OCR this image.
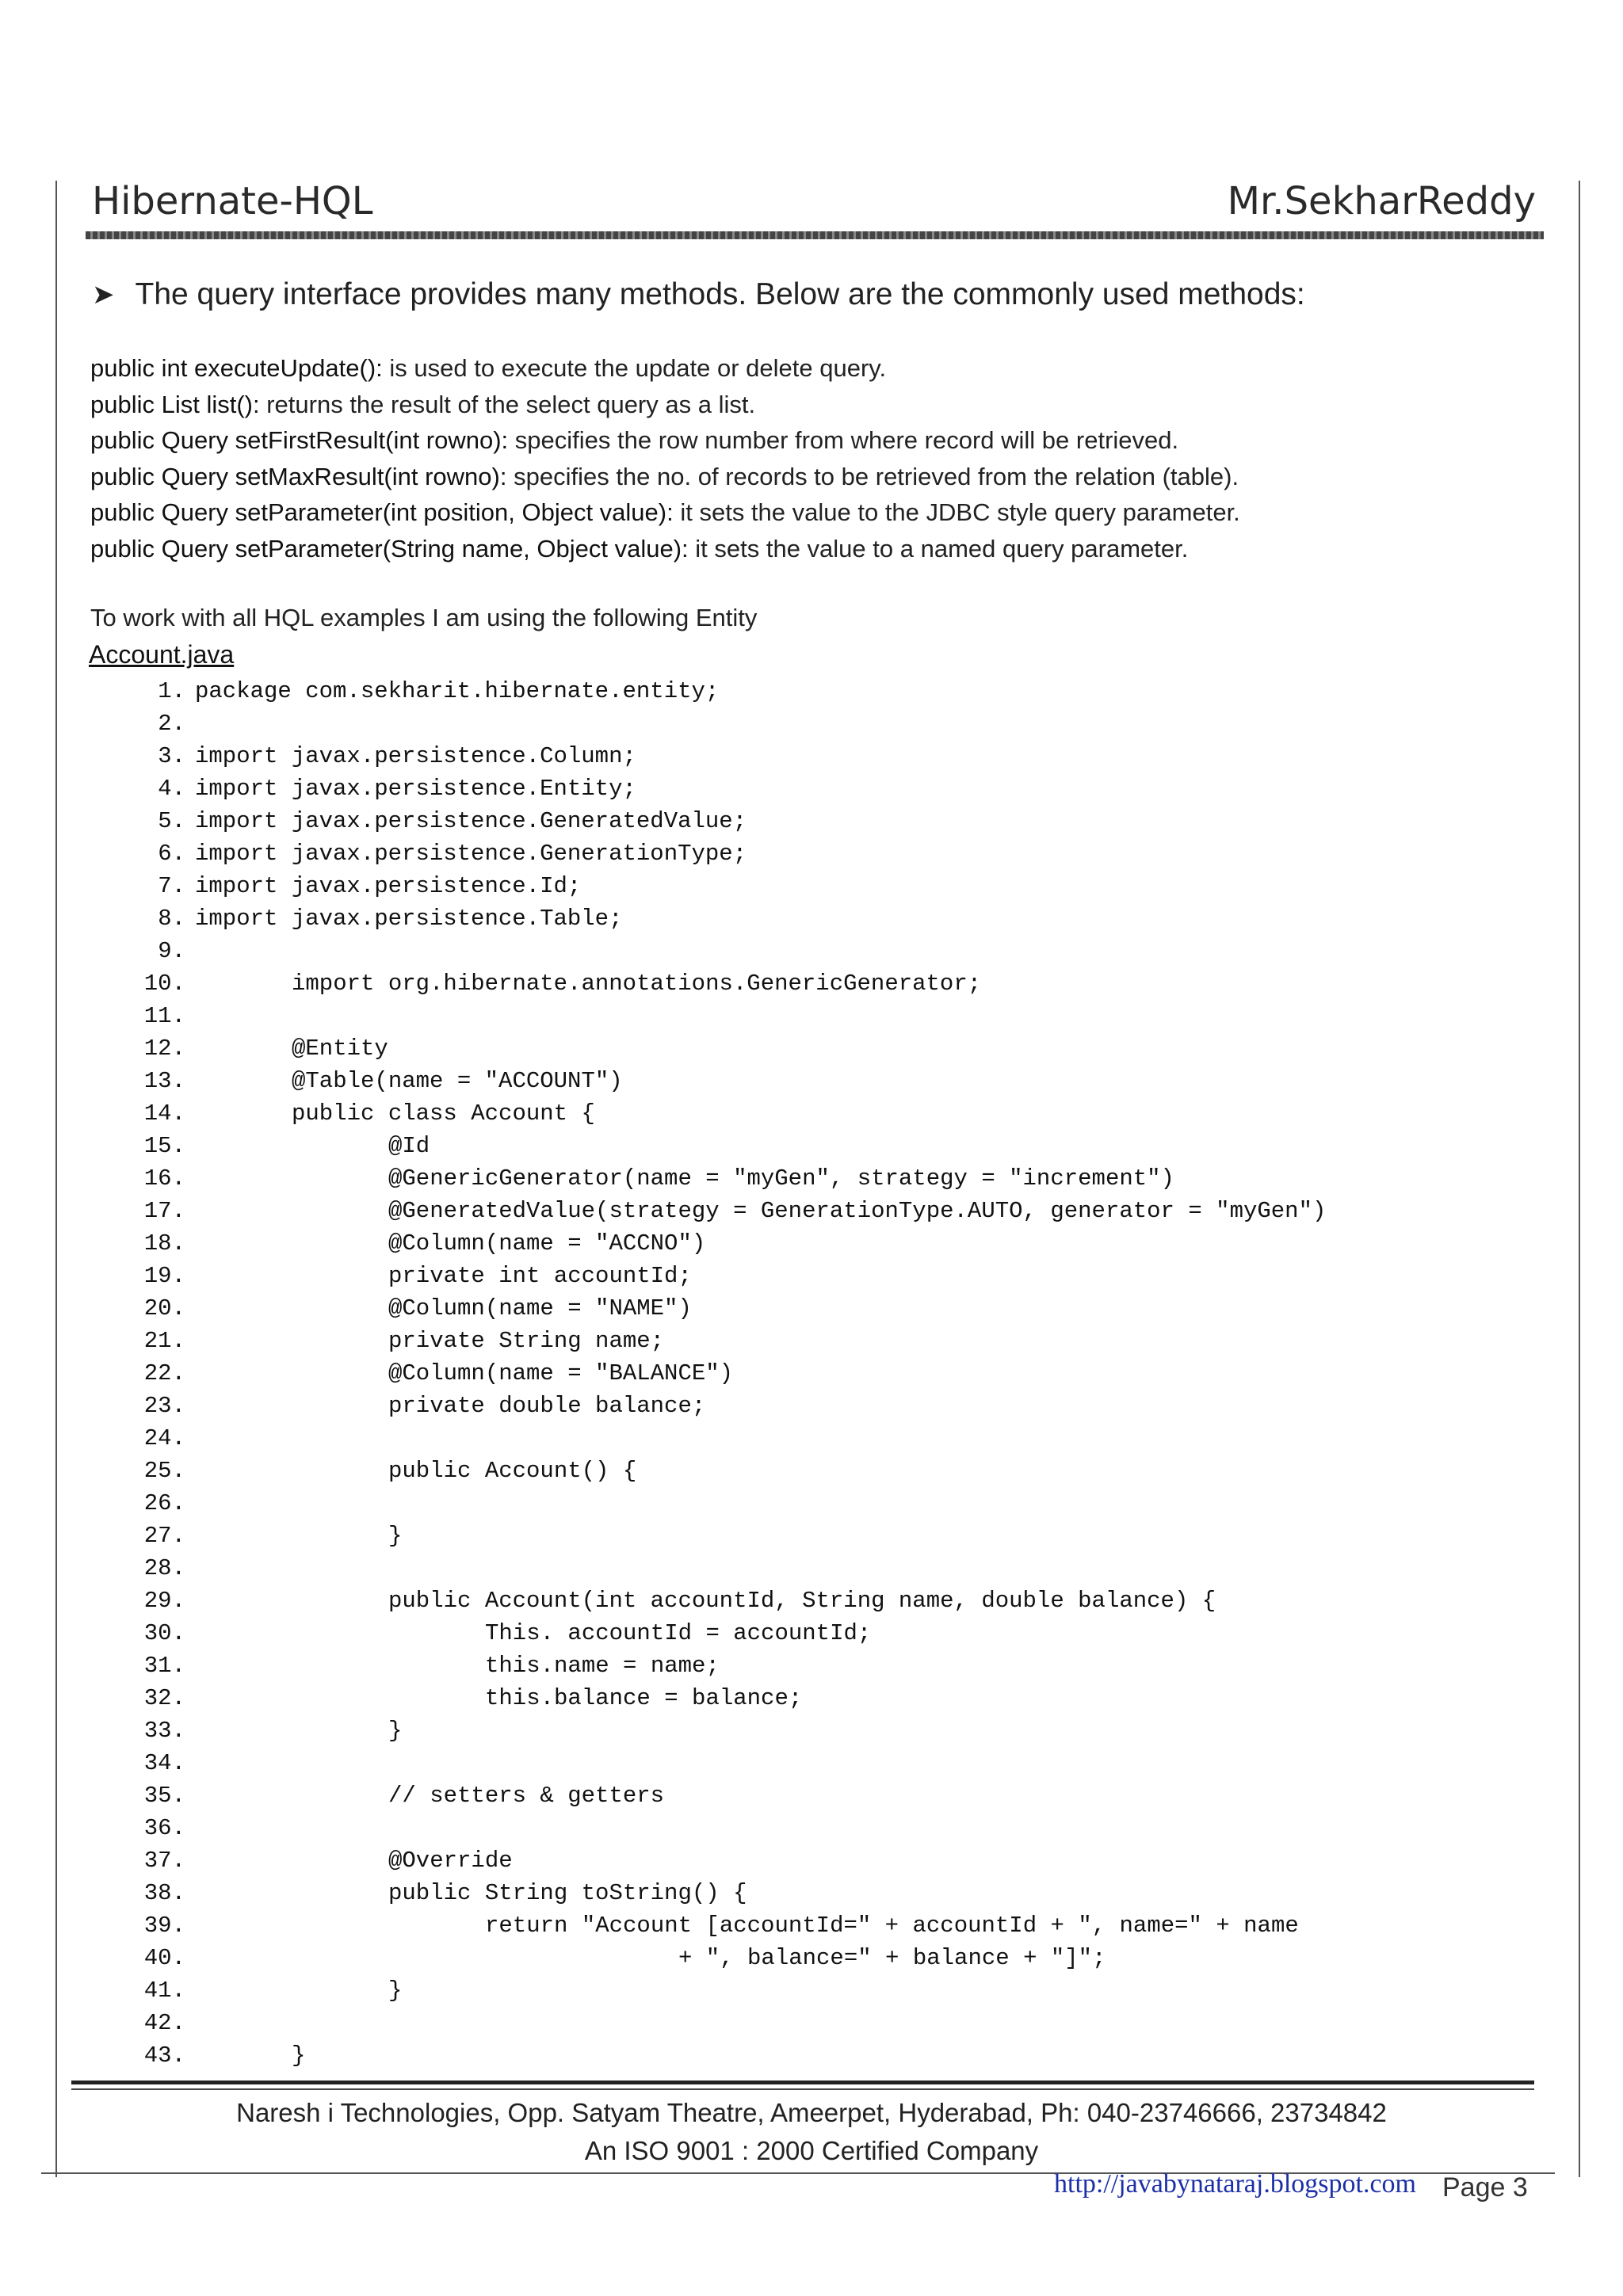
Hibernate-HQL	Mr.SekharReddy
➤ The query interface provides many methods. Below are the commonly used methods:
public int executeUpdate(): is used to execute the update or delete query.
public List list(): returns the result of the select query as a list.
public Query setFirstResult(int rowno): specifies the row number from where record will be retrieved.
public Query setMaxResult(int rowno): specifies the no. of records to be retrieved from the relation (table).
public Query setParameter(int position, Object value): it sets the value to the JDBC style query parameter.
public Query setParameter(String name, Object value): it sets the value to a named query parameter.
To work with all HQL examples I am using the following Entity
Account.java
1. package com.sekharit.hibernate.entity;
2.
3. import javax.persistence.Column;
4. import javax.persistence.Entity;
5. import javax.persistence.GeneratedValue;
6. import javax.persistence.GenerationType;
7. import javax.persistence.Id;
8. import javax.persistence.Table;
9.
10.	import org.hibernate.annotations.GenericGenerator;
11.
12.	@Entity
13.	@Table(name = "ACCOUNT")
14.	public class Account {
15.	@Id
16.	@GenericGenerator(name = "myGen", strategy = "increment")
17.	@GeneratedValue(strategy = GenerationType.AUTO, generator = "myGen")
18.	@Column(name = "ACCNO")
19.	private int accountId;
20.	@Column(name = "NAME")
21.	private String name;
22.	@Column(name = "BALANCE")
23.	private double balance;
24.
25.	public Account() {
26.
27.	}
28.
29.	public Account(int accountId, String name, double balance) {
30.	This. accountId = accountId;
31.	this.name = name;
32.	this.balance = balance;
33.	}
34.
35.	// setters & getters
36.
37.	@Override
38.	public String toString() {
39.	return "Account [accountId=" + accountId + ", name=" + name
40.	+ ", balance=" + balance + "]";
41.	}
42.
43.	}
Naresh i Technologies, Opp. Satyam Theatre, Ameerpet, Hyderabad, Ph: 040-23746666, 23734842
An ISO 9001 : 2000 Certified Company
http://javabynataraj.blogspot.com Page 3
